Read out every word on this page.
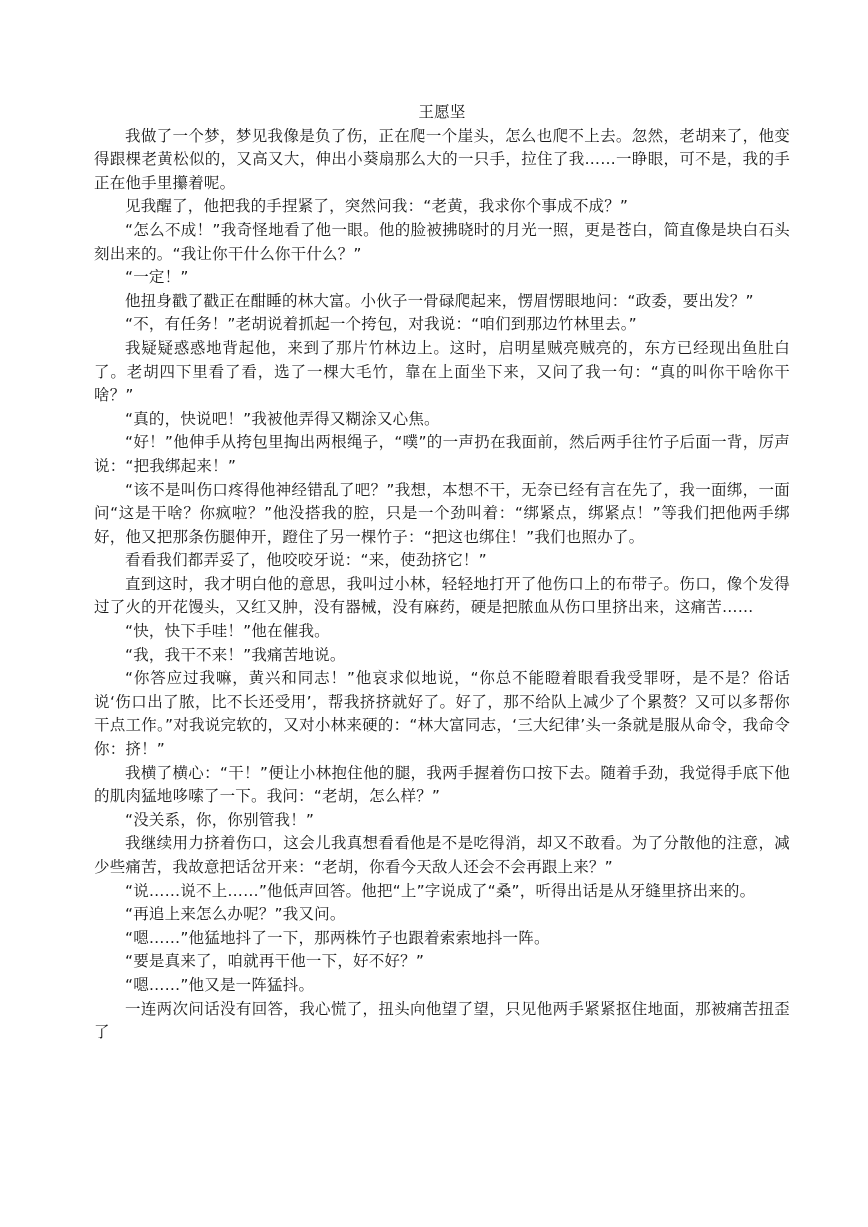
王愿坚

我做了一个梦，梦见我像是负了伤，正在爬一个崖头，怎么也爬不上去。忽然，老胡来了，他变得跟棵老黄松似的，又高又大，伸出小葵扇那么大的一只手，拉住了我……一睁眼，可不是，我的手正在他手里攥着呢。

见我醒了，他把我的手捏紧了，突然问我：“老黄，我求你个事成不成？”

“怎么不成！”我奇怪地看了他一眼。他的脸被拂晓时的月光一照，更是苍白，简直像是块白石头刻出来的。“我让你干什么你干什么？”

“一定！”

他扭身戳了戳正在酣睡的林大富。小伙子一骨碌爬起来，愣眉愣眼地问：“政委，要出发？”

“不，有任务！”老胡说着抓起一个挎包，对我说：“咱们到那边竹林里去。”

我疑疑惑惑地背起他，来到了那片竹林边上。这时，启明星贼亮贼亮的，东方已经现出鱼肚白了。老胡四下里看了看，选了一棵大毛竹，靠在上面坐下来，又问了我一句：“真的叫你干啥你干啥？”

“真的，快说吧！”我被他弄得又糊涂又心焦。

“好！”他伸手从挎包里掏出两根绳子，“噗”的一声扔在我面前，然后两手往竹子后面一背，厉声说：“把我绑起来！”

“该不是叫伤口疼得他神经错乱了吧？”我想，本想不干，无奈已经有言在先了，我一面绑，一面问“这是干啥？你疯啦？”他没搭我的腔，只是一个劲叫着：“绑紧点，绑紧点！”等我们把他两手绑好，他又把那条伤腿伸开，蹬住了另一棵竹子：“把这也绑住！”我们也照办了。

看看我们都弄妥了，他咬咬牙说：“来，使劲挤它！”

直到这时，我才明白他的意思，我叫过小林，轻轻地打开了他伤口上的布带子。伤口，像个发得过了火的开花馒头，又红又肿，没有器械，没有麻药，硬是把脓血从伤口里挤出来，这痛苦……

“快，快下手哇！”他在催我。

“我，我干不来！”我痛苦地说。

“你答应过我嘛，黄兴和同志！”他哀求似地说，“你总不能瞪着眼看我受罪呀，是不是？俗话说‘伤口出了脓，比不长还受用’，帮我挤挤就好了。好了，那不给队上减少了个累赘？又可以多帮你干点工作。”对我说完软的，又对小林来硬的：“林大富同志，‘三大纪律’头一条就是服从命令，我命令你：挤！”

我横了横心：“干！”便让小林抱住他的腿，我两手握着伤口按下去。随着手劲，我觉得手底下他的肌肉猛地哆嗦了一下。我问：“老胡，怎么样？”

“没关系，你，你别管我！”

我继续用力挤着伤口，这会儿我真想看看他是不是吃得消，却又不敢看。为了分散他的注意，减少些痛苦，我故意把话岔开来：“老胡，你看今天敌人还会不会再跟上来？”

“说……说不上……”他低声回答。他把“上”字说成了“桑”，听得出话是从牙缝里挤出来的。

“再追上来怎么办呢？”我又问。

“嗯……”他猛地抖了一下，那两株竹子也跟着索索地抖一阵。

“要是真来了，咱就再干他一下，好不好？”

“嗯……”他又是一阵猛抖。

一连两次问话没有回答，我心慌了，扭头向他望了望，只见他两手紧紧抠住地面，那被痛苦扭歪了
